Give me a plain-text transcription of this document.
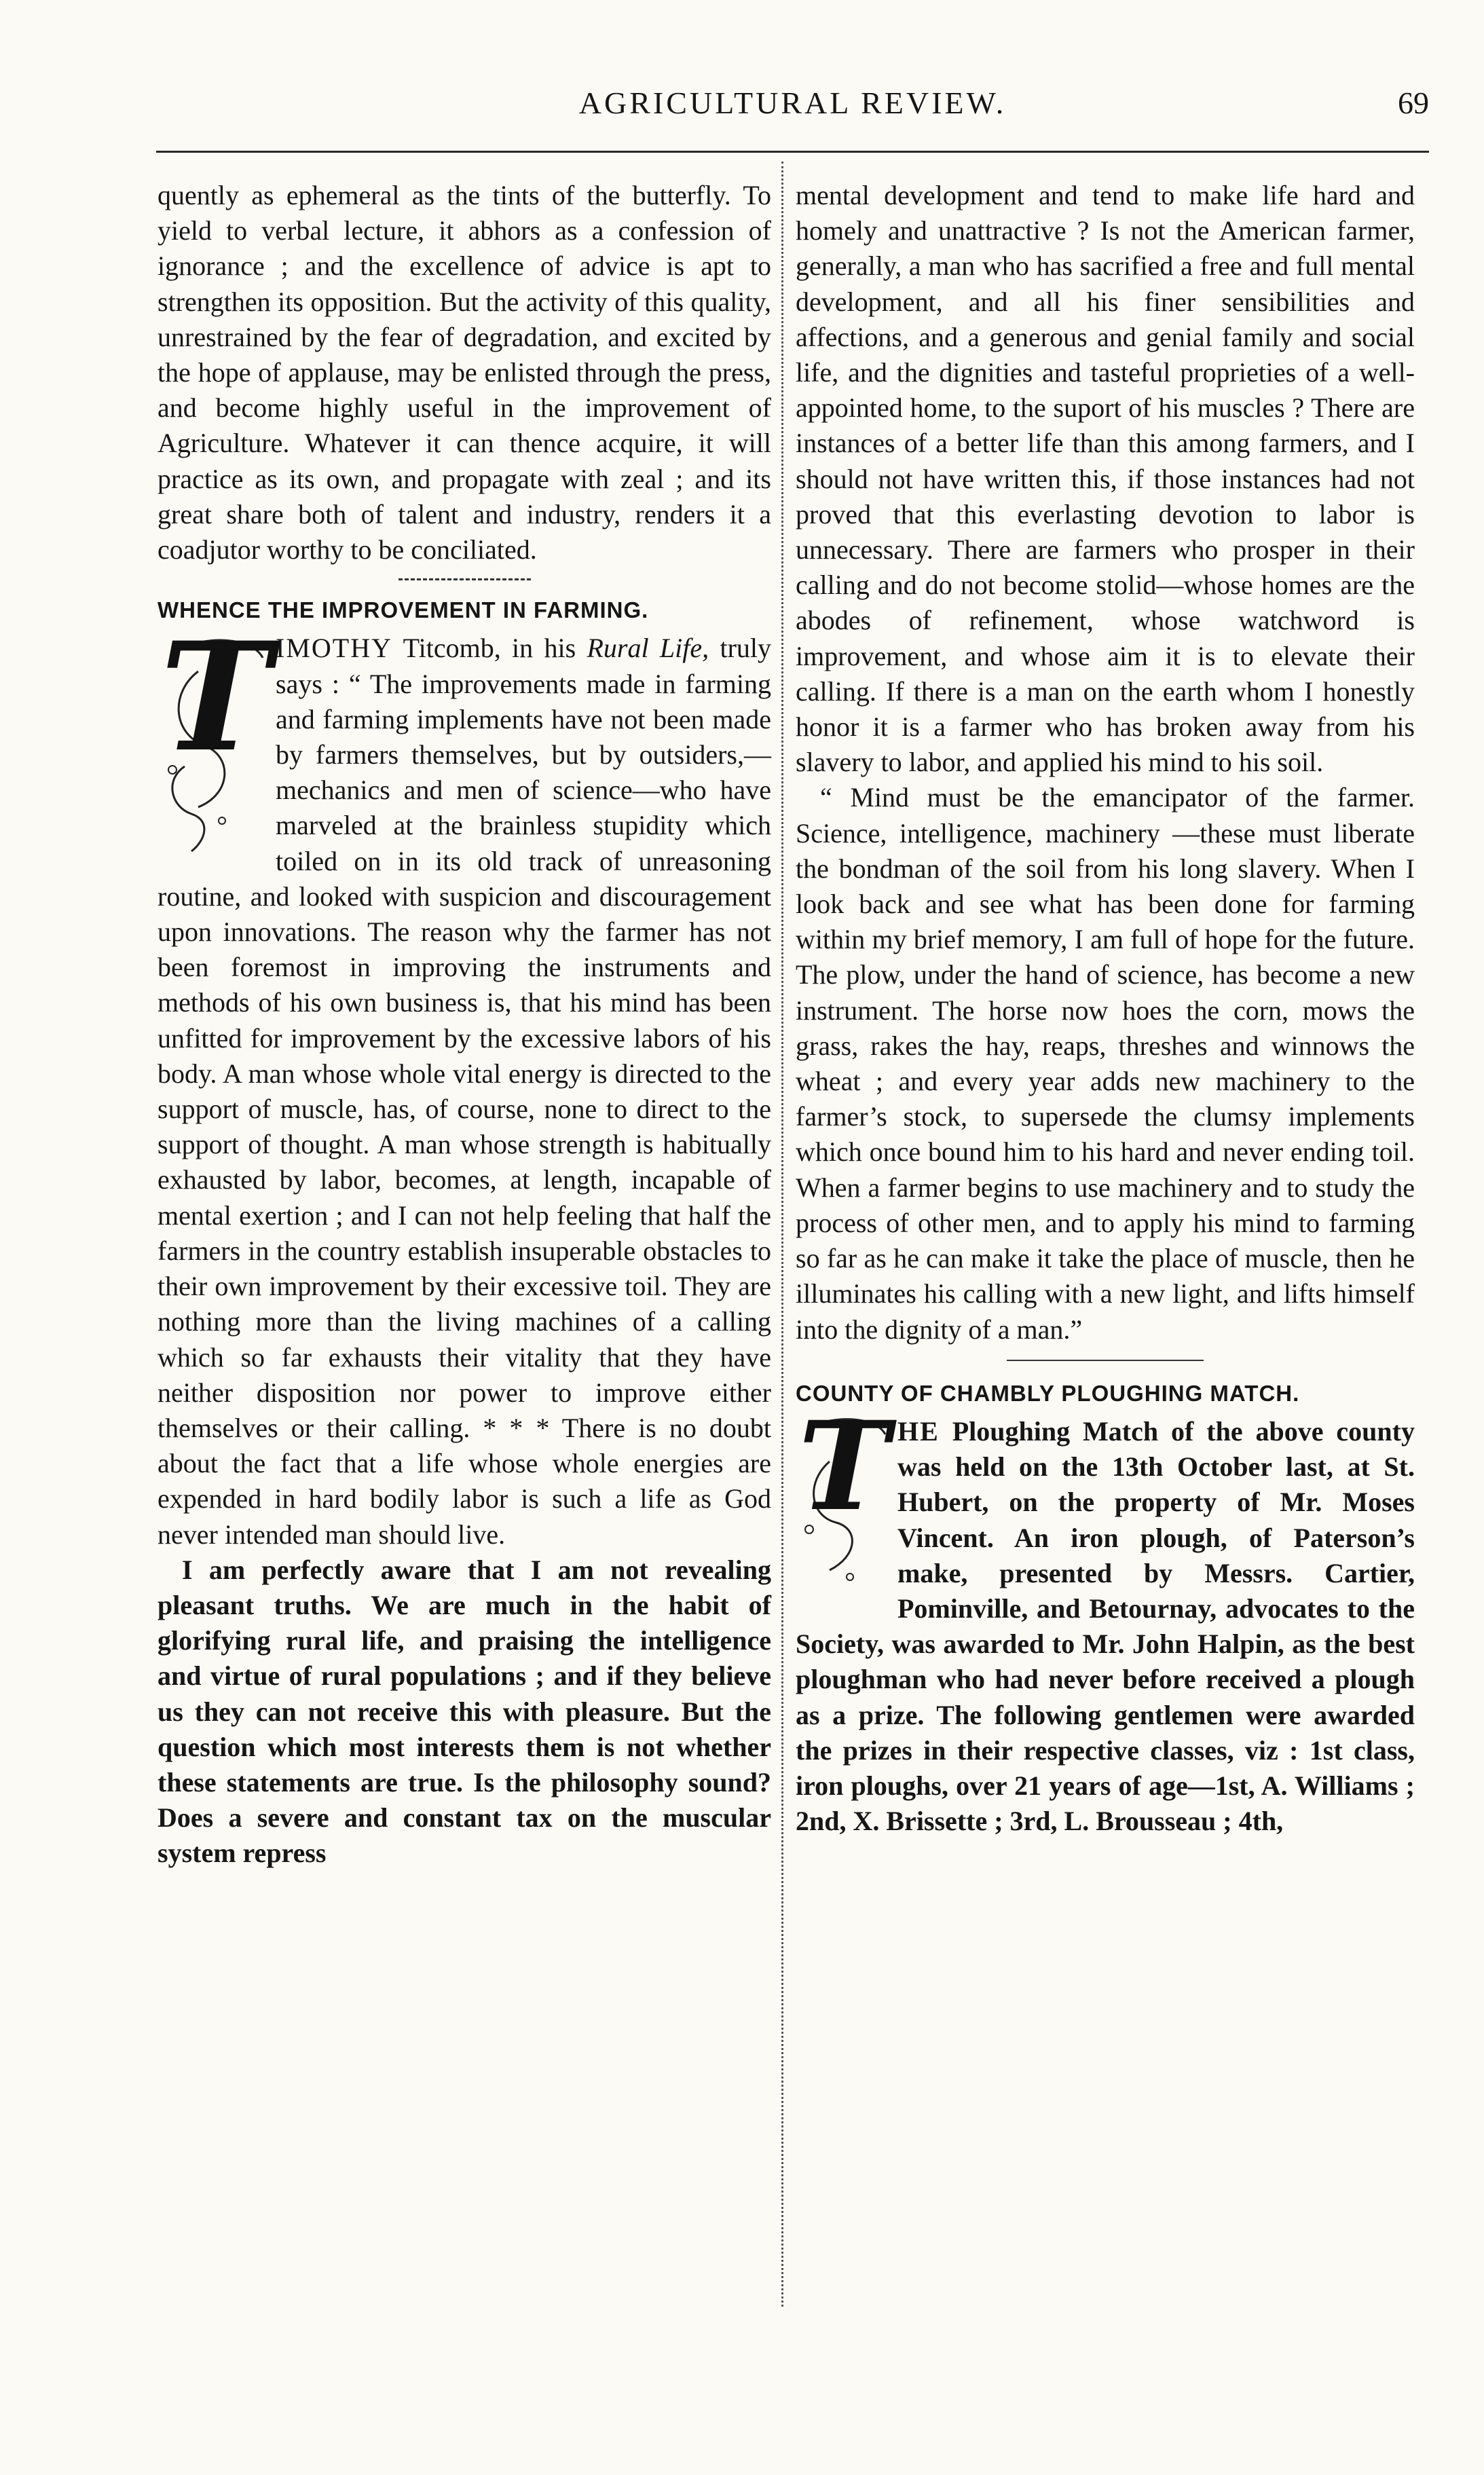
AGRICULTURAL REVIEW.	69

quently as ephemeral as the tints of the butterfly. To yield to verbal lecture, it abhors as a confession of ignorance ; and the excellence of advice is apt to strengthen its opposition. But the activity of this quality, unrestrained by the fear of degradation, and excited by the hope of applause, may be enlisted through the press, and become highly useful in the improvement of Agriculture. Whatever it can thence acquire, it will practice as its own, and propagate with zeal ; and its great share both of talent and industry, renders it a coadjutor worthy to be conciliated.

WHENCE THE IMPROVEMENT IN FARMING.
T IMOTHY Titcomb, in his Rural Life, truly says : “ The improvements made in farming and farming implements have not been made by farmers themselves, but by outsiders,—mechanics and men of science—who have marveled at the brainless stupidity which toiled on in its old track of unreasoning routine, and looked with suspicion and discouragement upon innovations. The reason why the farmer has not been foremost in improving the instruments and methods of his own business is, that his mind has been unfitted for improvement by the excessive labors of his body. A man whose whole vital energy is directed to the support of muscle, has, of course, none to direct to the support of thought. A man whose strength is habitually exhausted by labor, becomes, at length, incapable of mental exertion ; and I can not help feeling that half the farmers in the country establish insuperable obstacles to their own improvement by their excessive toil. They are nothing more than the living machines of a calling which so far exhausts their vitality that they have neither disposition nor power to improve either themselves or their calling. * * * There is no doubt about the fact that a life whose whole energies are expended in hard bodily labor is such a life as God never intended man should live.

I am perfectly aware that I am not revealing pleasant truths. We are much in the habit of glorifying rural life, and praising the intelligence and virtue of rural populations ; and if they believe us they can not receive this with pleasure. But the question which most interests them is not whether these statements are true. Is the philosophy sound? Does a severe and constant tax on the muscular system repress

mental development and tend to make life hard and homely and unattractive ? Is not the American farmer, generally, a man who has sacrified a free and full mental development, and all his finer sensibilities and affections, and a generous and genial family and social life, and the dignities and tasteful proprieties of a well-appointed home, to the suport of his muscles ? There are instances of a better life than this among farmers, and I should not have written this, if those instances had not proved that this everlasting devotion to labor is unnecessary. There are farmers who prosper in their calling and do not become stolid—whose homes are the abodes of refinement, whose watchword is improvement, and whose aim it is to elevate their calling. If there is a man on the earth whom I honestly honor it is a farmer who has broken away from his slavery to labor, and applied his mind to his soil.

“ Mind must be the emancipator of the farmer. Science, intelligence, machinery —these must liberate the bondman of the soil from his long slavery. When I look back and see what has been done for farming within my brief memory, I am full of hope for the future. The plow, under the hand of science, has become a new instrument. The horse now hoes the corn, mows the grass, rakes the hay, reaps, threshes and winnows the wheat ; and every year adds new machinery to the farmer’s stock, to supersede the clumsy implements which once bound him to his hard and never ending toil. When a farmer begins to use machinery and to study the process of other men, and to apply his mind to farming so far as he can make it take the place of muscle, then he illuminates his calling with a new light, and lifts himself into the dignity of a man.”

COUNTY OF CHAMBLY PLOUGHING MATCH.
T HE Ploughing Match of the above county was held on the 13th October last, at St. Hubert, on the property of Mr. Moses Vincent. An iron plough, of Paterson’s make, presented by Messrs. Cartier, Pominville, and Betournay, advocates to the Society, was awarded to Mr. John Halpin, as the best ploughman who had never before received a plough as a prize. The following gentlemen were awarded the prizes in their respective classes, viz : 1st class, iron ploughs, over 21 years of age—1st, A. Williams ; 2nd, X. Brissette ; 3rd, L. Brousseau ; 4th,
